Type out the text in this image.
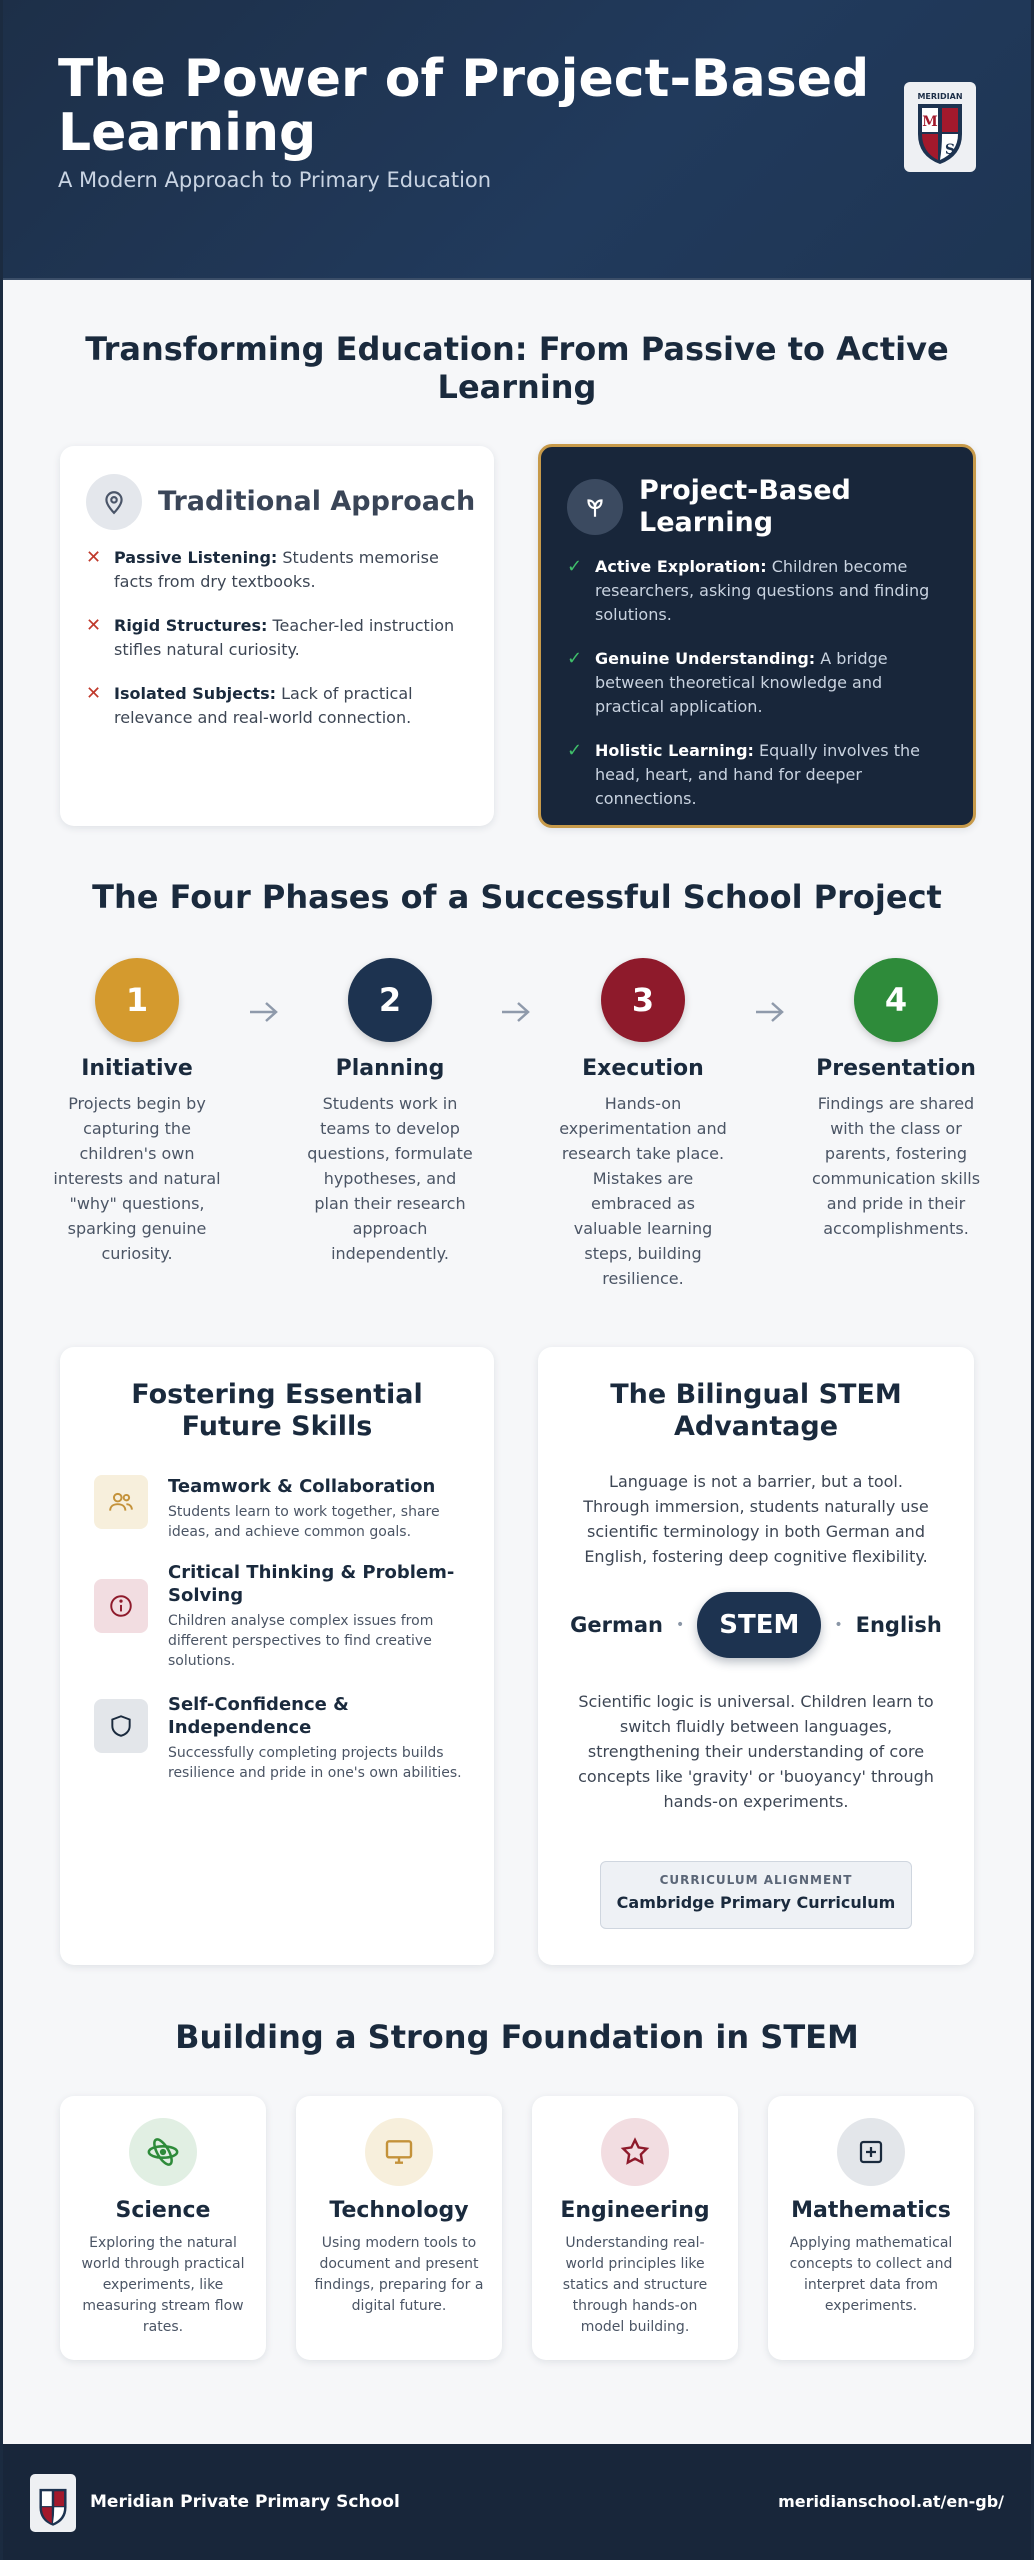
The Power of Project-Based Learning
A Modern Approach to Primary Education
MERIDIAN
M
S
Transforming Education: From Passive to Active Learning
Traditional Approach
✕ Passive Listening: Students memorise facts from dry textbooks.
✕ Rigid Structures: Teacher-led instruction stifles natural curiosity.
✕ Isolated Subjects: Lack of practical relevance and real-world connection.
Project-Based Learning
✓ Active Exploration: Children become researchers, asking questions and finding solutions.
✓ Genuine Understanding: A bridge between theoretical knowledge and practical application.
✓ Holistic Learning: Equally involves the head, heart, and hand for deeper connections.
The Four Phases of a Successful School Project
1
Initiative
Projects begin by capturing the children's own interests and natural "why" questions, sparking genuine curiosity.
2
Planning
Students work in teams to develop questions, formulate hypotheses, and plan their research approach independently.
3
Execution
Hands-on experimentation and research take place. Mistakes are embraced as valuable learning steps, building resilience.
4
Presentation
Findings are shared with the class or parents, fostering communication skills and pride in their accomplishments.
Fostering Essential Future Skills
Teamwork & Collaboration
Students learn to work together, share ideas, and achieve common goals.
Critical Thinking & Problem-Solving
Children analyse complex issues from different perspectives to find creative solutions.
Self-Confidence & Independence
Successfully completing projects builds resilience and pride in one's own abilities.
The Bilingual STEM Advantage
Language is not a barrier, but a tool. Through immersion, students naturally use scientific terminology in both German and English, fostering deep cognitive flexibility.
German •	STEM	• English
Scientific logic is universal. Children learn to switch fluidly between languages, strengthening their understanding of core concepts like 'gravity' or 'buoyancy' through hands-on experiments.
CURRICULUM ALIGNMENT
Cambridge Primary Curriculum
Building a Strong Foundation in STEM
Science
Exploring the natural world through practical experiments, like measuring stream flow rates.
Technology
Using modern tools to document and present findings, preparing for a digital future.
Engineering
Understanding real-world principles like statics and structure through hands-on model building.
Mathematics
Applying mathematical concepts to collect and interpret data from experiments.
Meridian Private Primary School	meridianschool.at/en-gb/
